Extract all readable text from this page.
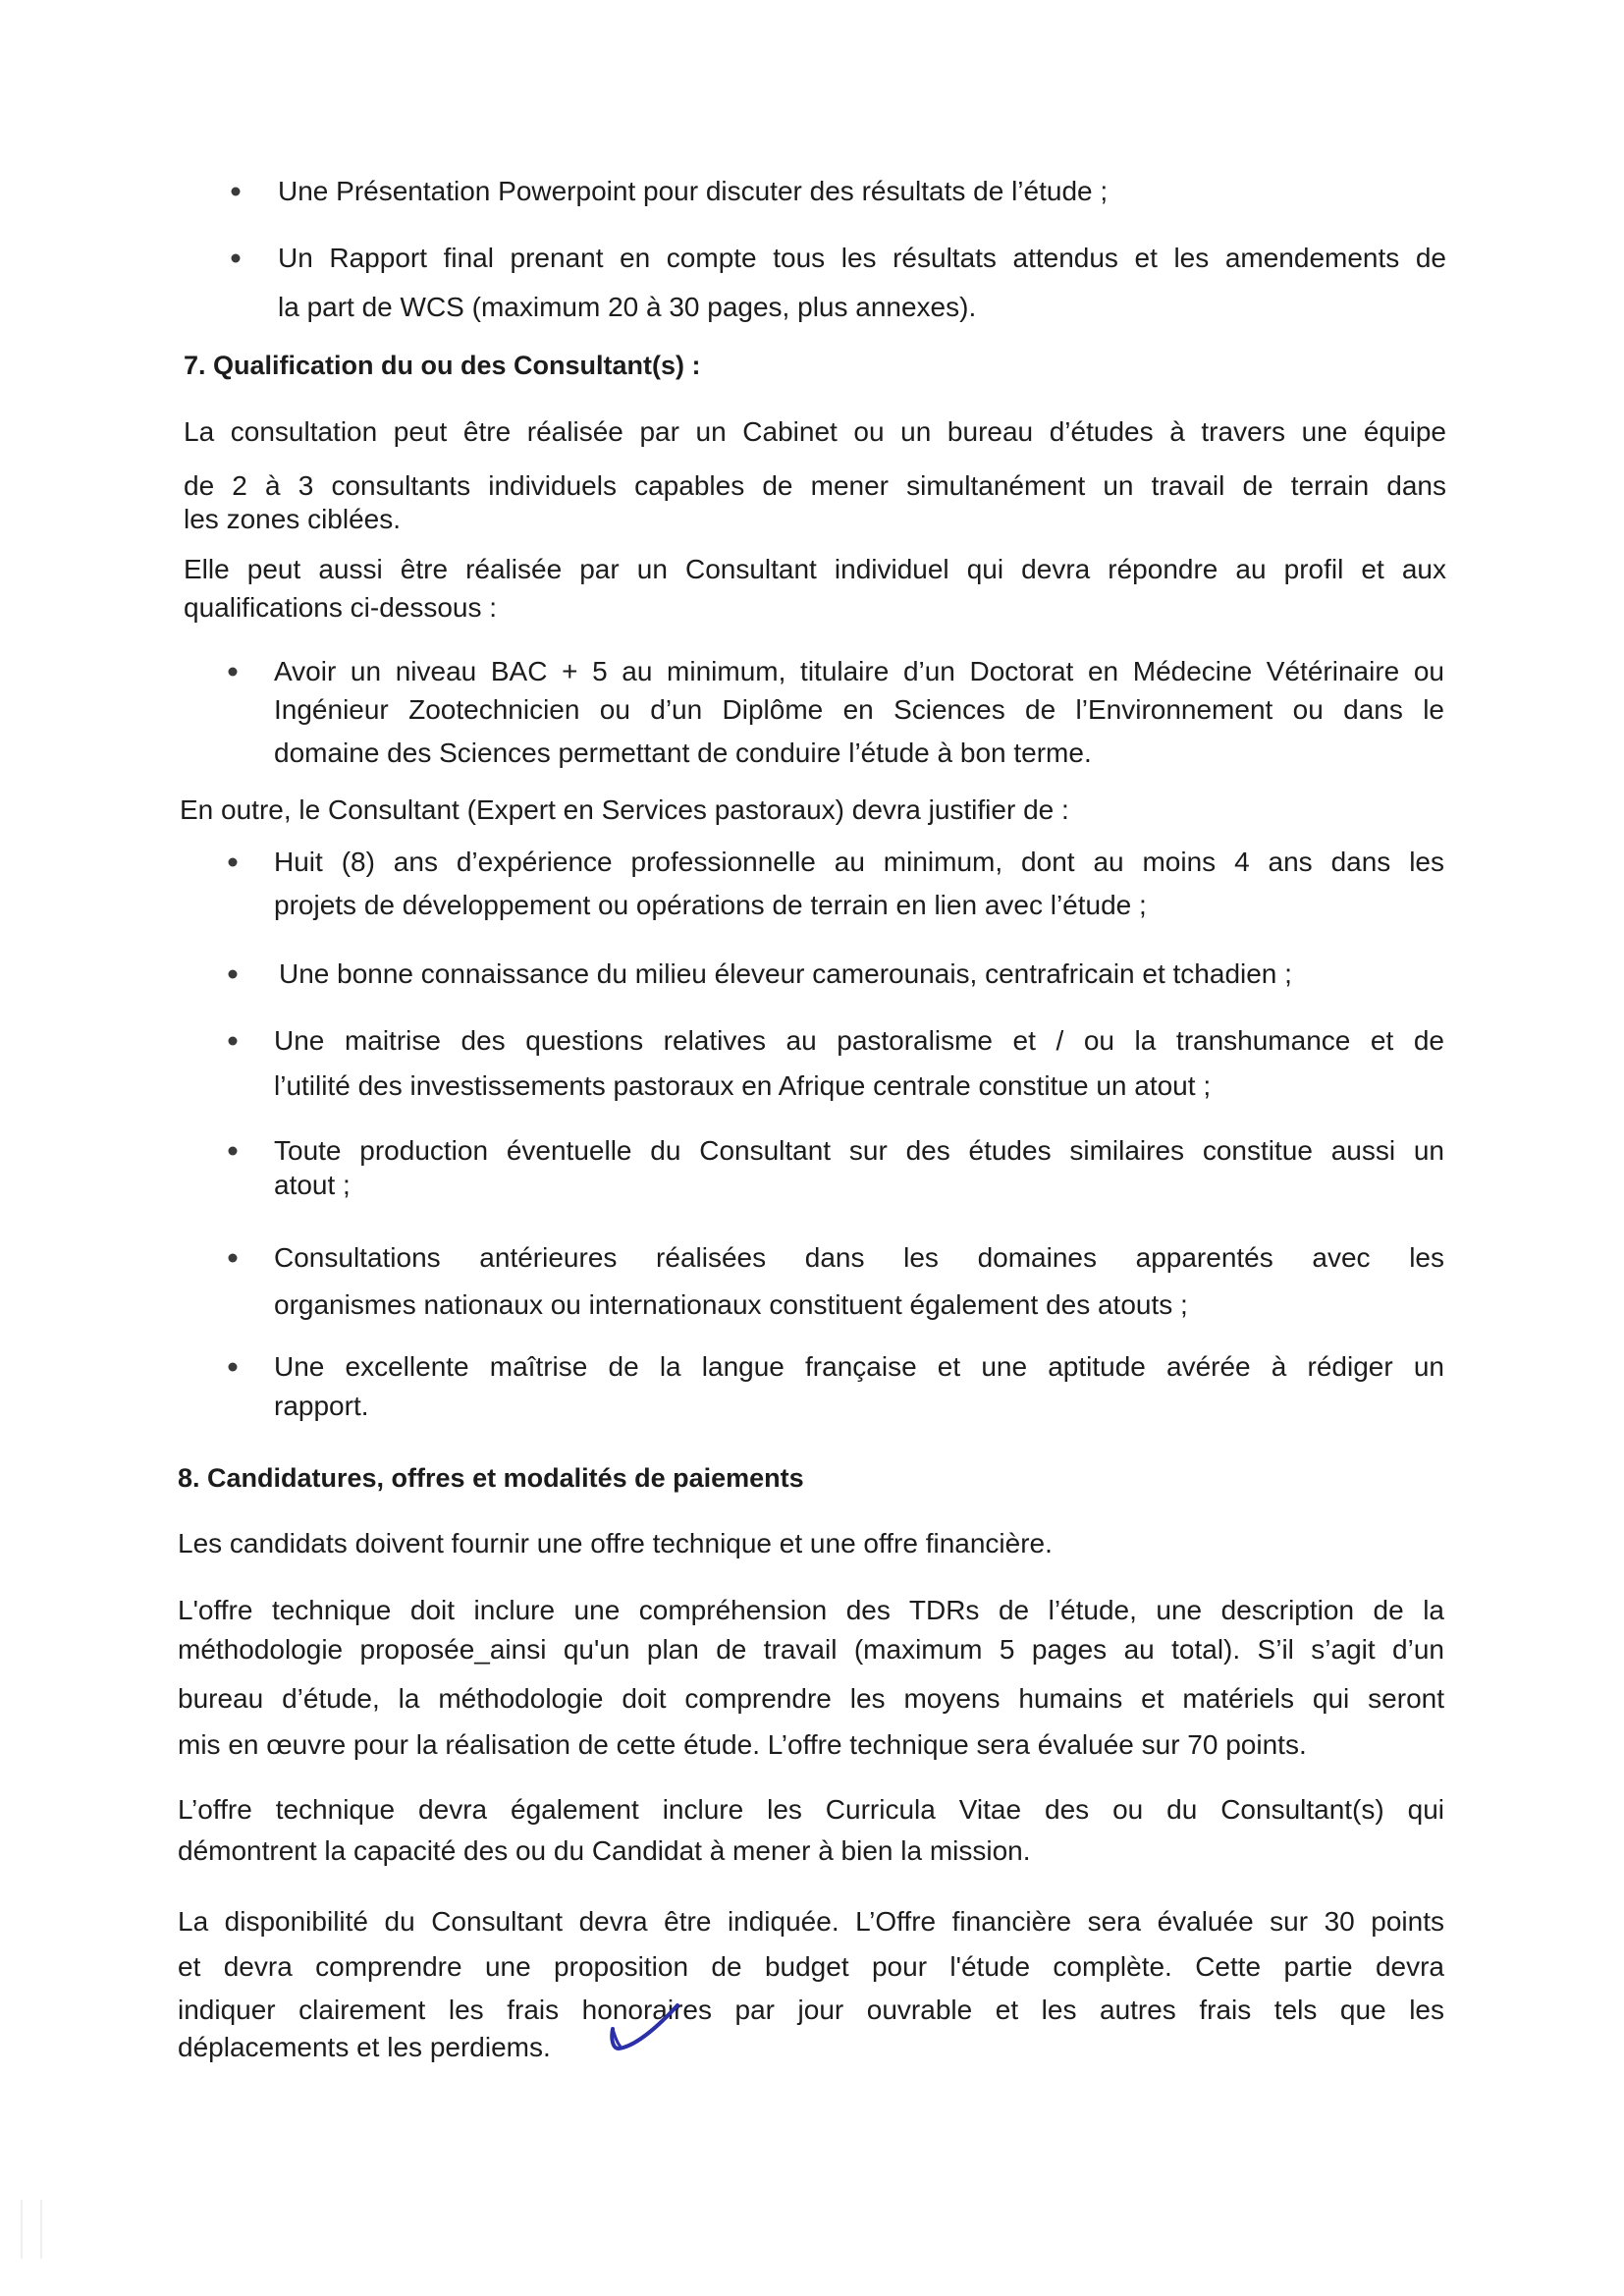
Une Présentation Powerpoint pour discuter des résultats de l’étude ;
Un Rapport final prenant en compte tous les résultats attendus et les amendements de
la part de WCS (maximum 20 à 30 pages, plus annexes).
7. Qualification du ou des Consultant(s) :
La consultation peut être réalisée par un Cabinet ou un bureau d’études à travers une équipe
de 2 à 3 consultants individuels capables de mener simultanément un travail de terrain dans
les zones ciblées.
Elle peut aussi être réalisée par un Consultant individuel qui devra répondre au profil et aux
qualifications ci-dessous :
Avoir un niveau BAC + 5 au minimum, titulaire d’un Doctorat en Médecine Vétérinaire ou
Ingénieur Zootechnicien ou d’un Diplôme en Sciences de l’Environnement ou dans le
domaine des Sciences permettant de conduire l’étude à bon terme.
En outre, le Consultant (Expert en Services pastoraux) devra justifier de :
Huit (8) ans d’expérience professionnelle au minimum, dont au moins 4 ans dans les
projets de développement ou opérations de terrain en lien avec l’étude ;
Une bonne connaissance du milieu éleveur camerounais, centrafricain et tchadien ;
Une maitrise des questions relatives au pastoralisme et / ou la transhumance et de
l’utilité des investissements pastoraux en Afrique centrale constitue un atout ;
Toute production éventuelle du Consultant sur des études similaires constitue aussi un
atout ;
Consultations antérieures réalisées dans les domaines apparentés avec les
organismes nationaux ou internationaux constituent également des atouts ;
Une excellente maîtrise de la langue française et une aptitude avérée à rédiger un
rapport.
8. Candidatures, offres et modalités de paiements
Les candidats doivent fournir une offre technique et une offre financière.
L'offre technique doit inclure une compréhension des TDRs de l’étude, une description de la
méthodologie proposée_ainsi qu'un plan de travail (maximum 5 pages au total). S’il s’agit d’un
bureau d’étude, la méthodologie doit comprendre les moyens humains et matériels qui seront
mis en œuvre pour la réalisation de cette étude. L’offre technique sera évaluée sur 70 points.
L’offre technique devra également inclure les Curricula Vitae des ou du Consultant(s) qui
démontrent la capacité des ou du Candidat à mener à bien la mission.
La disponibilité du Consultant devra être indiquée. L’Offre financière sera évaluée sur 30 points
et devra comprendre une proposition de budget pour l'étude complète. Cette partie devra
indiquer clairement les frais honoraires par jour ouvrable et les autres frais tels que les
déplacements et les perdiems.
